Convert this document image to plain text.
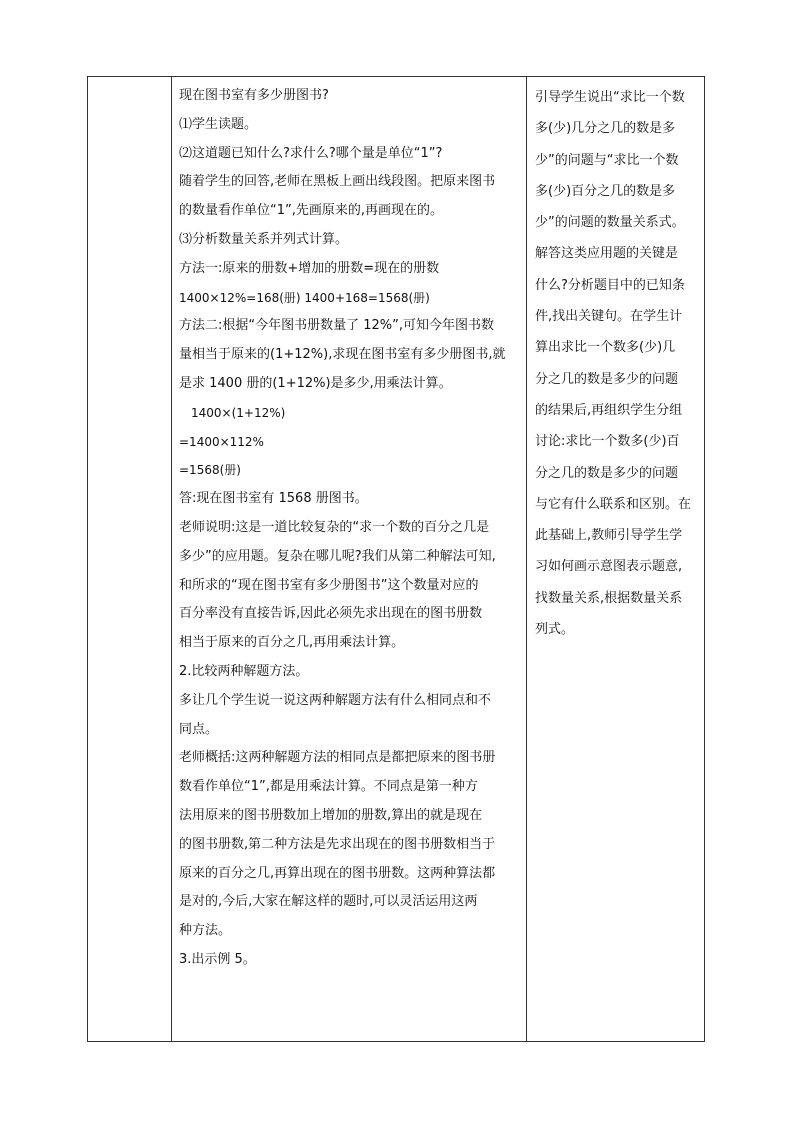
现在图书室有多少册图书?
⑴学生读题。
⑵这道题已知什么?求什么?哪个量是单位“1”?
随着学生的回答,老师在黑板上画出线段图。把原来图书
的数量看作单位“1”,先画原来的,再画现在的。
⑶分析数量关系并列式计算。
方法一:原来的册数+增加的册数=现在的册数
1400×12%=168(册) 1400+168=1568(册)
方法二:根据“今年图书册数量了 12%”,可知今年图书数
量相当于原来的(1+12%),求现在图书室有多少册图书,就
是求 1400 册的(1+12%)是多少,用乘法计算。
1400×(1+12%)
=1400×112%
=1568(册)
答:现在图书室有 1568 册图书。
老师说明:这是一道比较复杂的“求一个数的百分之几是
多少”的应用题。复杂在哪儿呢?我们从第二种解法可知,
和所求的“现在图书室有多少册图书”这个数量对应的
百分率没有直接告诉,因此必须先求出现在的图书册数
相当于原来的百分之几,再用乘法计算。
2.比较两种解题方法。
多让几个学生说一说这两种解题方法有什么相同点和不
同点。
老师概括:这两种解题方法的相同点是都把原来的图书册
数看作单位“1”,都是用乘法计算。不同点是第一种方
法用原来的图书册数加上增加的册数,算出的就是现在
的图书册数,第二种方法是先求出现在的图书册数相当于
原来的百分之几,再算出现在的图书册数。这两种算法都
是对的,今后,大家在解这样的题时,可以灵活运用这两
种方法。
3.出示例 5。

引导学生说出“求比一个数
多(少)几分之几的数是多
少”的问题与“求比一个数
多(少)百分之几的数是多
少”的问题的数量关系式。
解答这类应用题的关键是
什么?分析题目中的已知条
件,找出关键句。在学生计
算出求比一个数多(少)几
分之几的数是多少的问题
的结果后,再组织学生分组
讨论:求比一个数多(少)百
分之几的数是多少的问题
与它有什么联系和区别。在
此基础上,教师引导学生学
习如何画示意图表示题意,
找数量关系,根据数量关系
列式。
